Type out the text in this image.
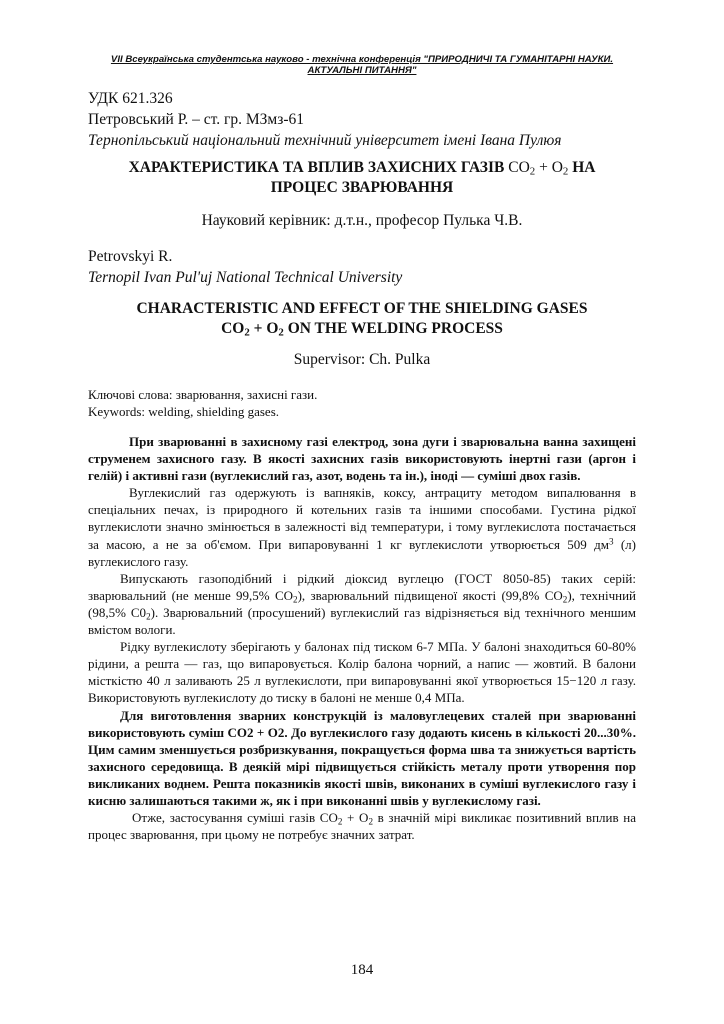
VII Всеукраїнська студентська науково - технічна конференція "ПРИРОДНИЧІ ТА ГУМАНІТАРНІ НАУКИ. АКТУАЛЬНІ ПИТАННЯ"
УДК 621.326
Петровський Р. – ст. гр. МЗмз-61
Тернопільський національний технічний університет імені Івана Пулюя
ХАРАКТЕРИСТИКА ТА ВПЛИВ ЗАХИСНИХ ГАЗІВ $CO_2 + O_2$ НА
ПРОЦЕС ЗВАРЮВАННЯ
Науковий керівник: д.т.н., професор Пулька Ч.В.
Petrovskyi R.
Ternopil Ivan Pul'uj National Technical University
CHARACTERISTIC AND EFFECT OF THE SHIELDING GASES
$CO_2 + O_2$ ON THE WELDING PROCESS
Supervisor: Ch. Pulka
Ключові слова: зварювання, захисні гази.
Keywords: welding, shielding gases.

При зварюванні в захисному газі електрод, зона дуги і зварювальна ванна захищені струменем захисного газу. В якості захисних газів використовують інертні гази (аргон і гелій) і активні гази (вуглекислий газ, азот, водень та ін.), іноді — суміші двох газів.

Вуглекислий газ одержують із вапняків, коксу, антрациту методом випалювання в спеціальних печах, із природного й котельних газів та іншими способами. Густина рідкої вуглекислоти значно змінюється в залежності від температури, і тому вуглекислота постачається за масою, а не за об'ємом. При випаровуванні 1 кг вуглекислоти утворюється 509 $дм^3$ (л) вуглекислого газу.

Випускають газоподібний і рідкий діоксид вуглецю (ГОСТ 8050-85) таких серій: зварювальний (не менше 99,5% $CO_2$), зварювальний підвищеної якості (99,8% $CO_2$), технічний (98,5% $C0_2$). Зварювальний (просушений) вуглекислий газ відрізняється від технічного меншим вмістом вологи.

Рідку вуглекислоту зберігають у балонах під тиском 6-7 МПа. У балоні знаходиться 60-80% рідини, а решта — газ, що випаровується. Колір балона чорний, а напис — жовтий. В балони місткістю 40 л заливають 25 л вуглекислоти, при випаровуванні якої утворюється 15−120 л газу. Використовують вуглекислоту до тиску в балоні не менше 0,4 МПа.

Для виготовлення зварних конструкцій із маловуглецевих сталей при зварюванні використовують суміш CO2 + O2. До вуглекислого газу додають кисень в кількості 20...30%. Цим самим зменшується розбризкування, покращується форма шва та знижується вартість захисного середовища. В деякій мірі підвищується стійкість металу проти утворення пор викликаних воднем. Решта показників якості швів, виконаних в суміші вуглекислого газу і кисню залишаються такими ж, як і при виконанні швів у вуглекислому газі.

Отже, застосування суміші газів $CO_2 + O_2$ в значній мірі викликає позитивний вплив на процес зварювання, при цьому не потребує значних затрат.

184
